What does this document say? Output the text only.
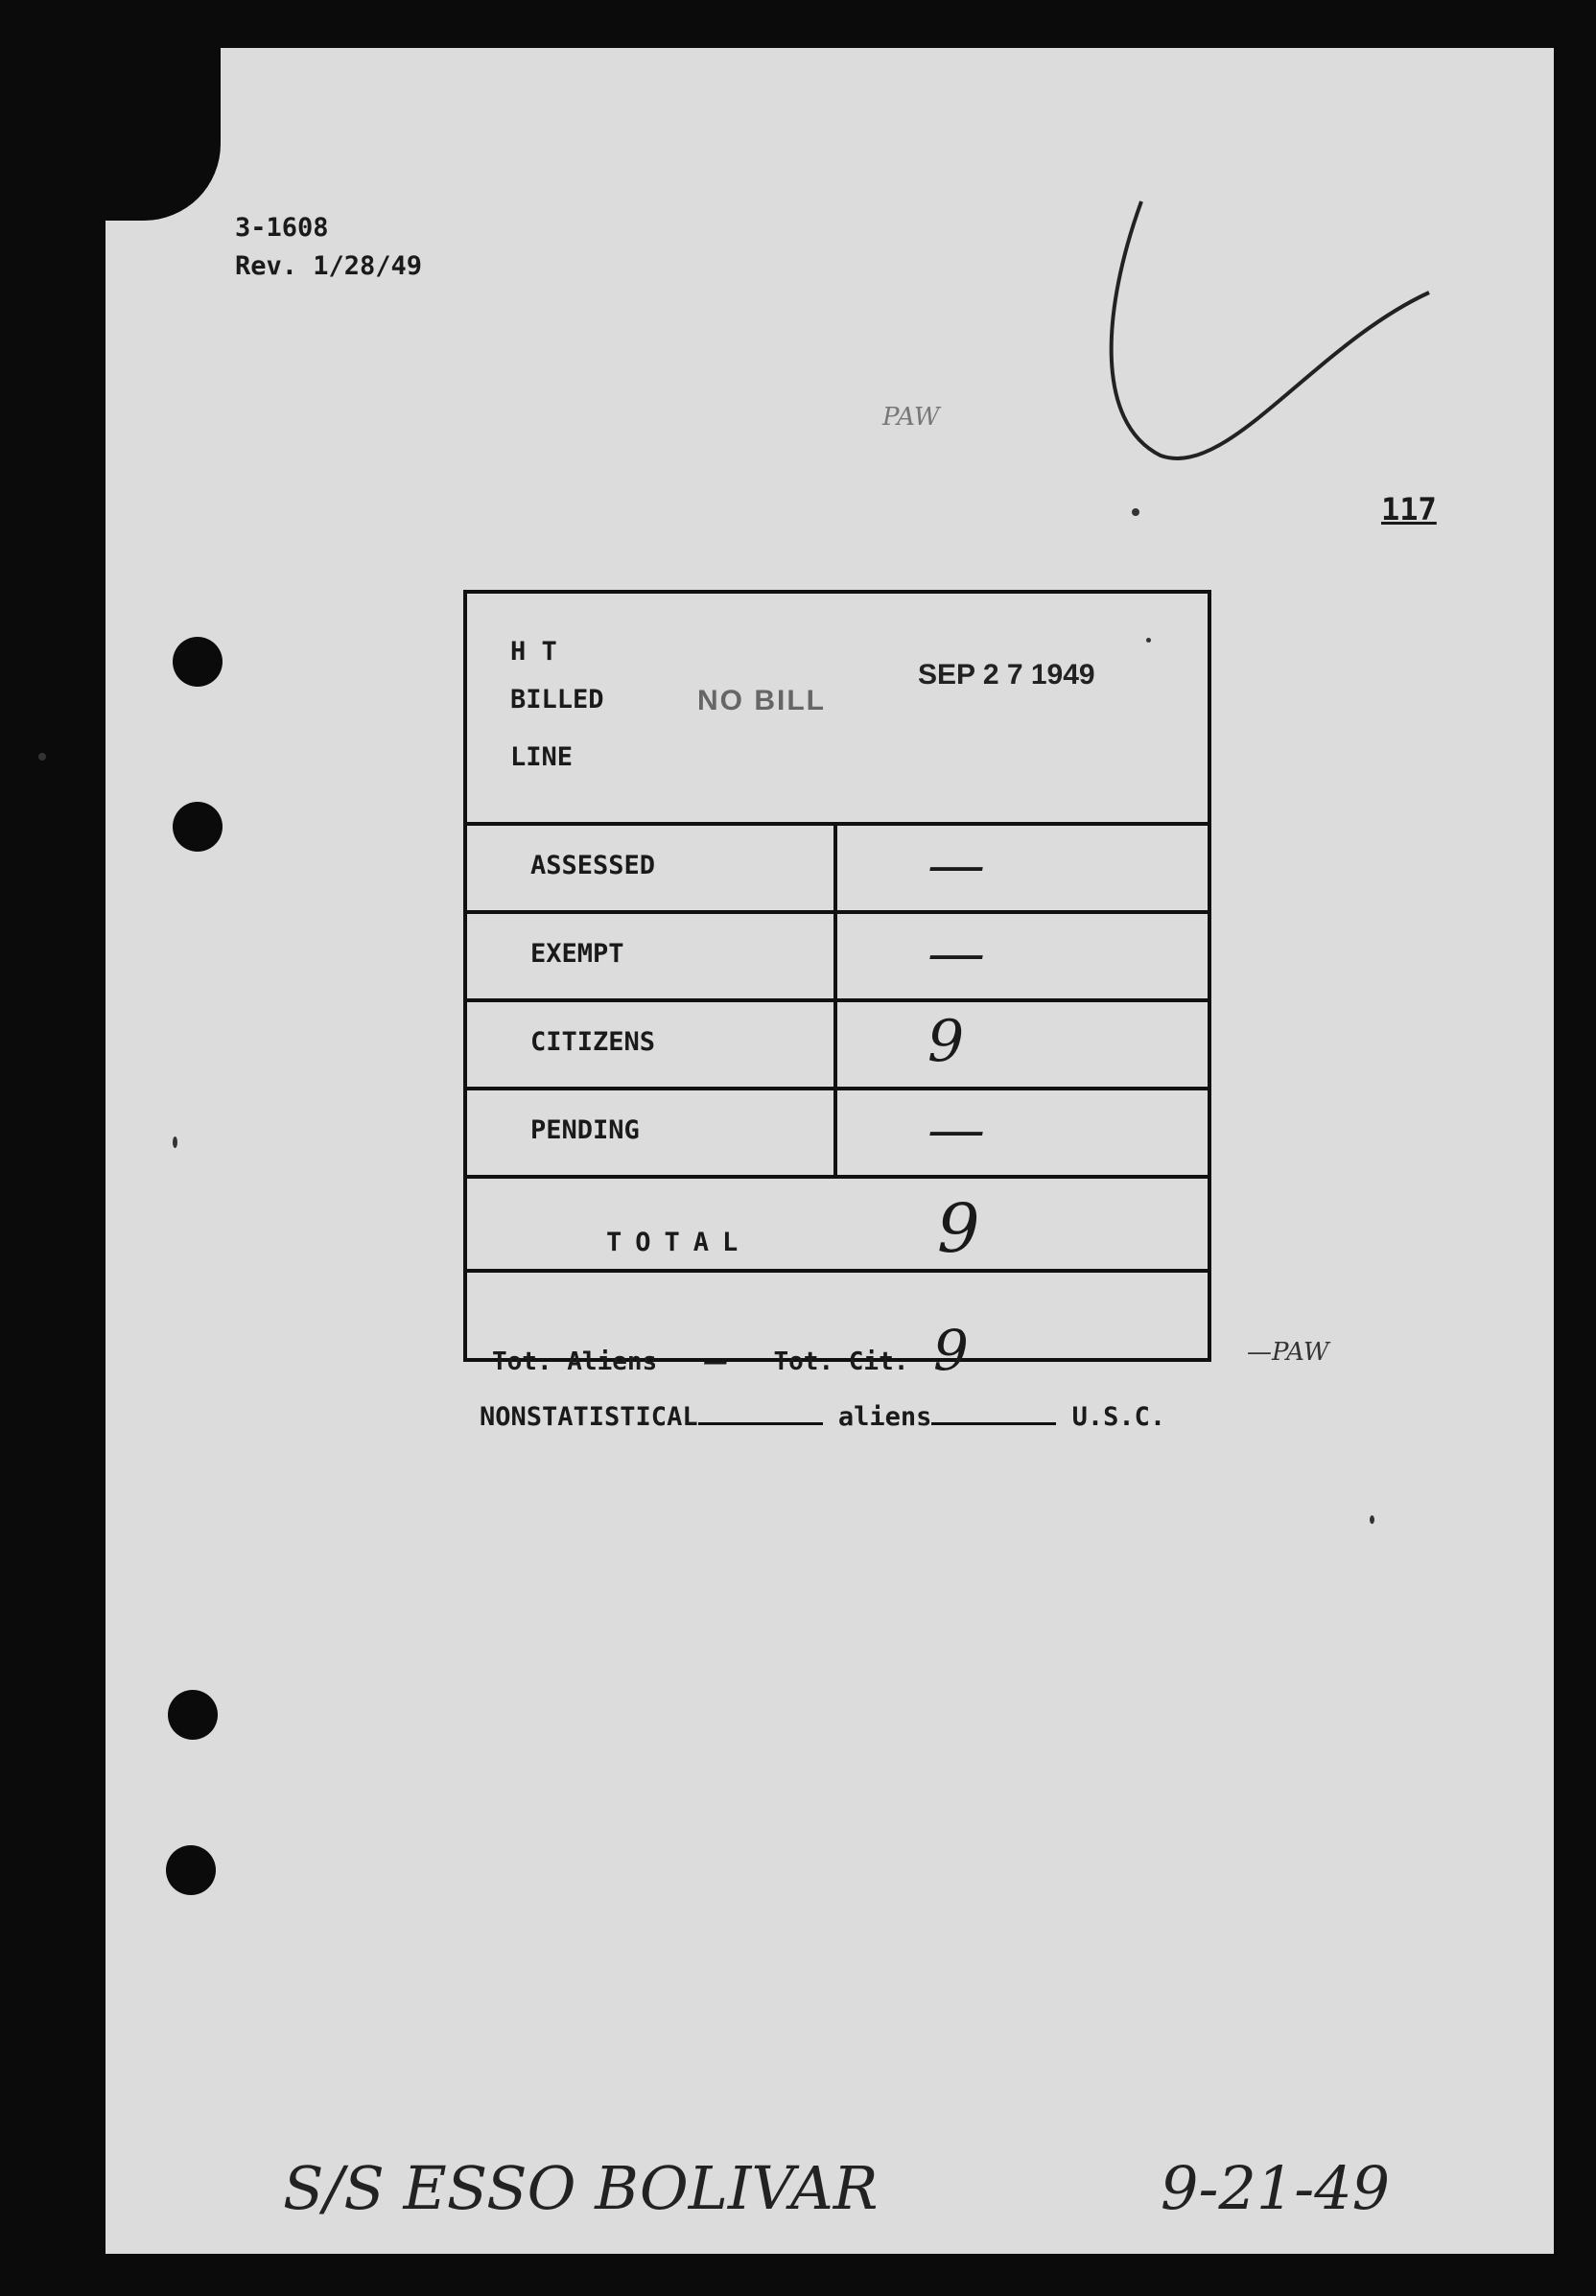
3-1608
Rev. 1/28/49
117
PAW
H T
BILLED
LINE
NO BILL
SEP 2 7 1949
ASSESSED	—
EXEMPT	—
CITIZENS	9
PENDING	—
TOTAL	9
Tot. Aliens — Tot. Cit. 9	—PAW
NONSTATISTICAL	aliens	U.S.C.
S/S ESSO BOLIVAR	9-21-49
